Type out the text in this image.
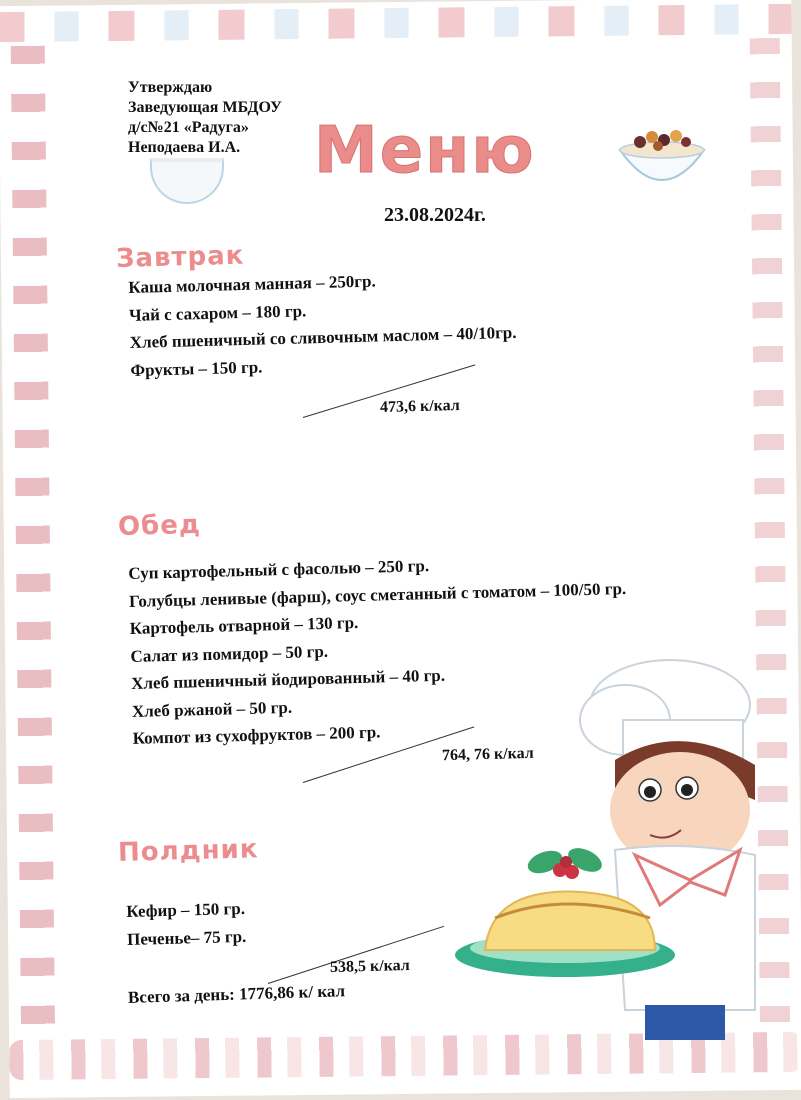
Утверждаю
Заведующая МБДОУ
д/с№21 «Радуга»
Неподаева И.А.	Меню
23.08.2024г.
Завтрак
Каша молочная манная – 250гр.
Чай с сахаром – 180 гр.
Хлеб пшеничный со сливочным маслом – 40/10гр.
Фрукты – 150 гр.
473,6 к/кал
Обед
Суп картофельный с фасолью – 250 гр.
Голубцы ленивые (фарш), соус сметанный с томатом – 100/50 гр.
Картофель отварной – 130 гр.
Салат из помидор – 50 гр.
Хлеб пшеничный йодированный – 40 гр.
Хлеб ржаной – 50 гр.
Компот из сухофруктов – 200 гр.
764, 76 к/кал
Полдник
Кефир – 150 гр.
Печенье– 75 гр.
538,5 к/кал
Всего за день: 1776,86 к/ кал
